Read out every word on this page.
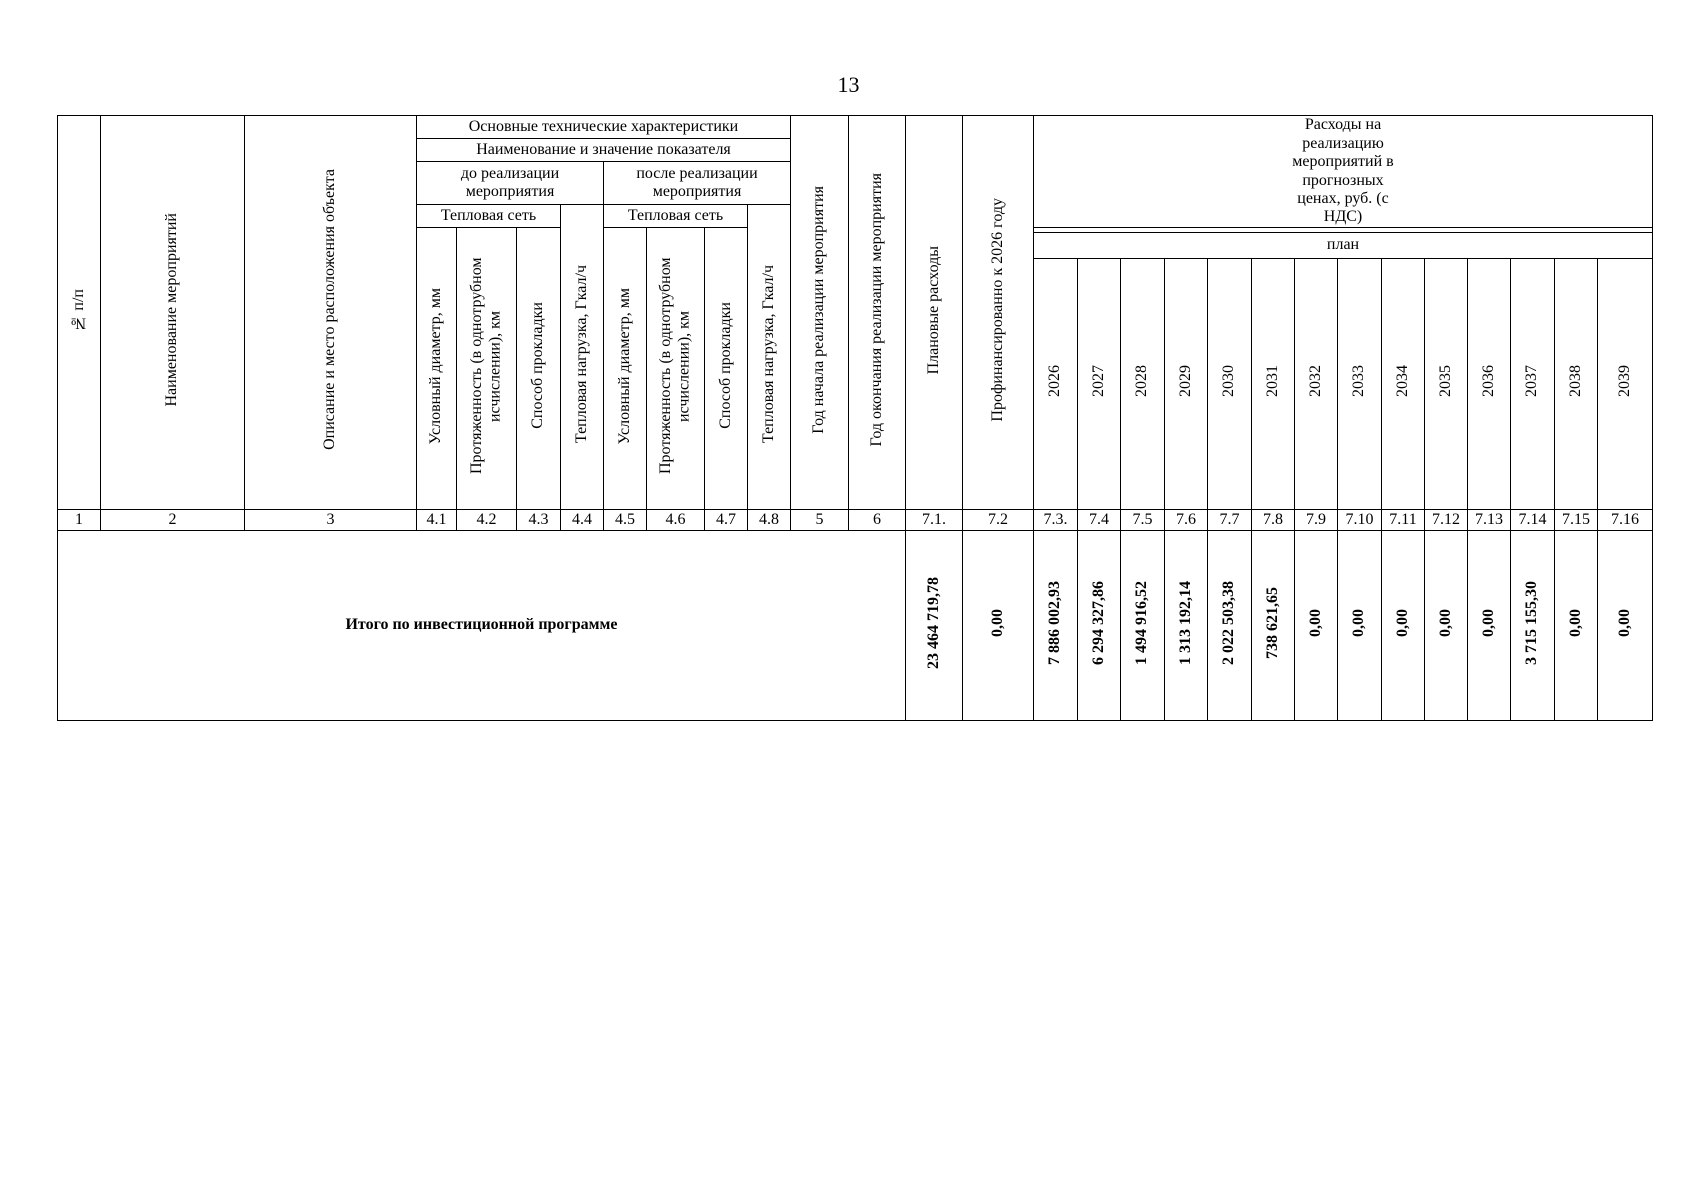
13
№ п/п	Наименование мероприятий	Описание и место расположения объекта	Основные технические характеристики								Год начала реализации мероприятия	Год окончания реализации мероприятия	Плановые расходы	Профинансированно к 2026 году	Расходы на реализацию мероприятий в прогнозных ценах, руб. (с НДС)													
			Наименование и значение показателя																									
			до реализации мероприятия				после реализации мероприятия																					
			Тепловая сеть			Тепловая нагрузка, Гкал/ч	Тепловая сеть			Тепловая нагрузка, Гкал/ч																		
			Условный диаметр, мм	Протяженность (в однотрубном исчислении), км	Способ прокладки		Условный диаметр, мм	Протяженность (в однотрубном исчислении), км	Способ прокладки																			
															план													
															2026	2027	2028	2029	2030	2031	2032	2033	2034	2035	2036	2037	2038	2039
1	2	3	4.1	4.2	4.3	4.4	4.5	4.6	4.7	4.8	5	6	7.1.	7.2	7.3.	7.4	7.5	7.6	7.7	7.8	7.9	7.10	7.11	7.12	7.13	7.14	7.15	7.16
Итого по инвестиционной программе													23 464 719,78	0,00	7 886 002,93	6 294 327,86	1 494 916,52	1 313 192,14	2 022 503,38	738 621,65	0,00	0,00	0,00	0,00	0,00	3 715 155,30	0,00	0,00
